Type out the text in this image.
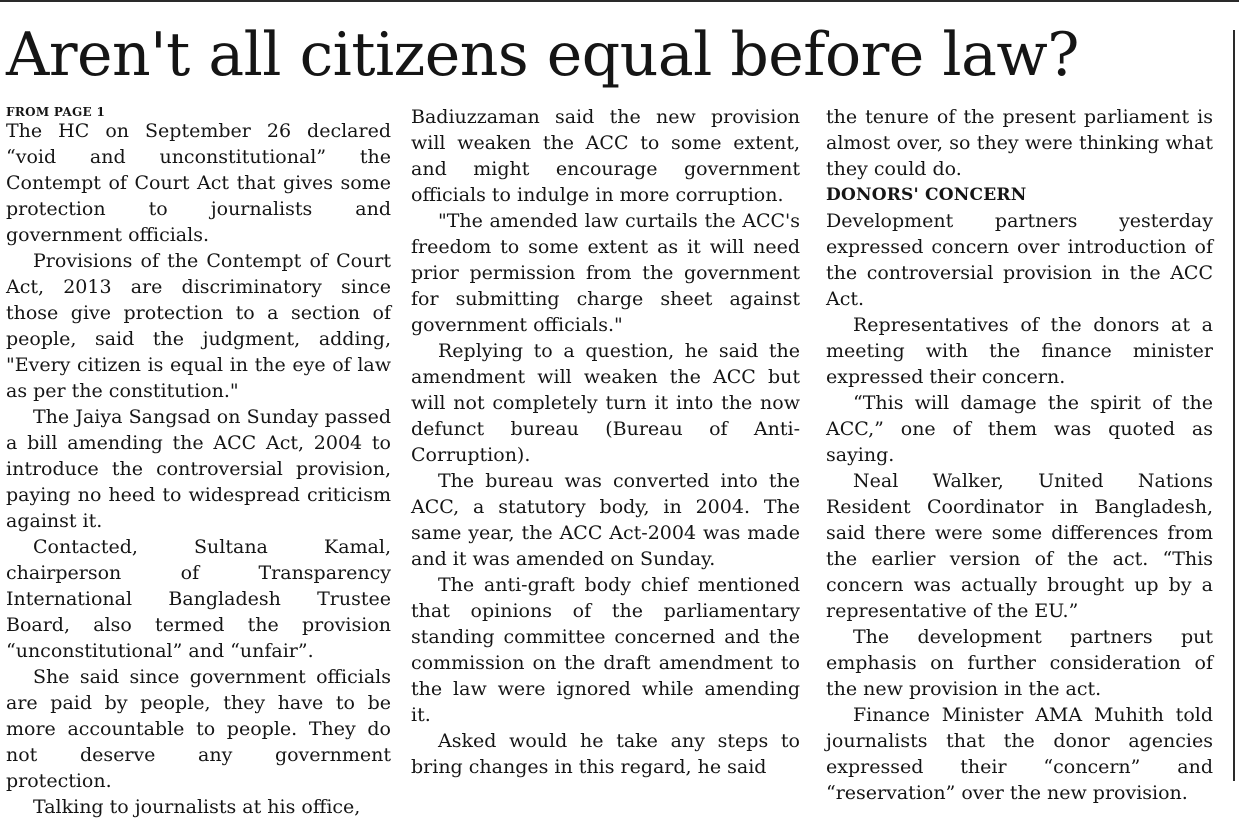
Aren't all citizens equal before law?
FROM PAGE 1

The HC on September 26 declared “void and unconstitutional” the Contempt of Court Act that gives some protection to journalists and government officials.

Provisions of the Contempt of Court Act, 2013 are discriminatory since those give protection to a section of people, said the judgment, adding, "Every citizen is equal in the eye of law as per the constitution."

The Jaiya Sangsad on Sunday passed a bill amending the ACC Act, 2004 to introduce the controversial provision, paying no heed to widespread criticism against it.

Contacted, Sultana Kamal, chairperson of Transparency International Bangladesh Trustee Board, also termed the provision “unconstitutional” and “unfair”.

She said since government officials are paid by people, they have to be more accountable to people. They do not deserve any government protection.

Talking to journalists at his office,

Badiuzzaman said the new provision will weaken the ACC to some extent, and might encourage government officials to indulge in more corruption.

"The amended law curtails the ACC's freedom to some extent as it will need prior permission from the government for submitting charge sheet against government officials."

Replying to a question, he said the amendment will weaken the ACC but will not completely turn it into the now defunct bureau (Bureau of Anti-Corruption).

The bureau was converted into the ACC, a statutory body, in 2004. The same year, the ACC Act-2004 was made and it was amended on Sunday.

The anti-graft body chief mentioned that opinions of the parliamentary standing committee concerned and the commission on the draft amendment to the law were ignored while amending it.

Asked would he take any steps to bring changes in this regard, he said

the tenure of the present parliament is almost over, so they were thinking what they could do.

DONORS' CONCERN

Development partners yesterday expressed concern over introduction of the controversial provision in the ACC Act.

Representatives of the donors at a meeting with the finance minister expressed their concern.

“This will damage the spirit of the ACC,” one of them was quoted as saying.

Neal Walker, United Nations Resident Coordinator in Bangladesh, said there were some differences from the earlier version of the act. “This concern was actually brought up by a representative of the EU.”

The development partners put emphasis on further consideration of the new provision in the act.

Finance Minister AMA Muhith told journalists that the donor agencies expressed their “concern” and “reservation” over the new provision.
